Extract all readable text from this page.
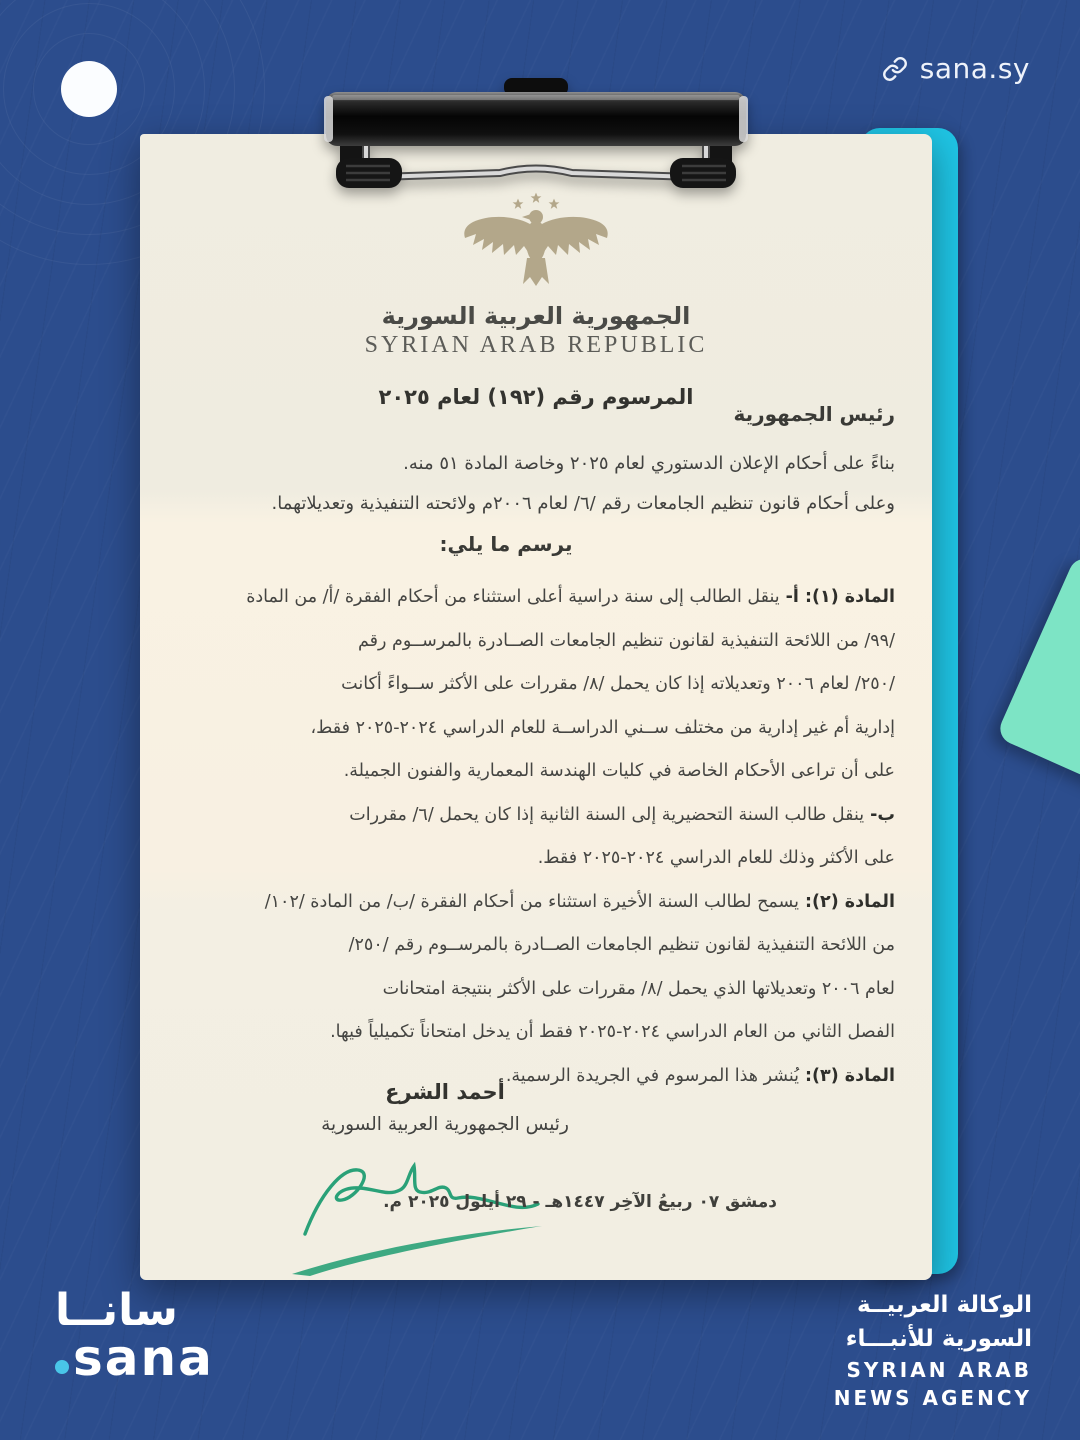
sana.sy
الجمهورية العربية السورية
SYRIAN ARAB REPUBLIC
المرسوم رقم (١٩٢) لعام ٢٠٢٥
رئيس الجمهورية
بناءً على أحكام الإعلان الدستوري لعام ٢٠٢٥ وخاصة المادة ٥١ منه.
وعلى أحكام قانون تنظيم الجامعات رقم /٦/ لعام ٢٠٠٦م ولائحته التنفيذية وتعديلاتهما.
يرسم ما يلي:
المادة (١): أ-ينقل الطالب إلى سنة دراسية أعلى استثناء من أحكام الفقرة /أ/ من المادة
/٩٩/ من اللائحة التنفيذية لقانون تنظيم الجامعات الصــادرة بالمرســوم رقم
/٢٥٠/ لعام ٢٠٠٦ وتعديلاته إذا كان يحمل /٨/ مقررات على الأكثر ســواءً أكانت
إدارية أم غير إدارية من مختلف ســني الدراســة للعام الدراسي ٢٠٢٤-٢٠٢٥ فقط،
على أن تراعى الأحكام الخاصة في كليات الهندسة المعمارية والفنون الجميلة.
ب-ينقل طالب السنة التحضيرية إلى السنة الثانية إذا كان يحمل /٦/ مقررات
على الأكثر وذلك للعام الدراسي ٢٠٢٤-٢٠٢٥ فقط.
المادة (٢):يسمح لطالب السنة الأخيرة استثناء من أحكام الفقرة /ب/ من المادة /١٠٢/
من اللائحة التنفيذية لقانون تنظيم الجامعات الصــادرة بالمرســوم رقم /٢٥٠/
لعام ٢٠٠٦ وتعديلاتها الذي يحمل /٨/ مقررات على الأكثر بنتيجة امتحانات
الفصل الثاني من العام الدراسي ٢٠٢٤-٢٠٢٥ فقط أن يدخل امتحاناً تكميلياً فيها.
المادة (٣):يُنشر هذا المرسوم في الجريدة الرسمية.
أحمد الشرع
رئيس الجمهورية العربية السورية
دمشق ٠٧ ربيعُ الآخِر ١٤٤٧هـ - ٢٩ أيلول ٢٠٢٥ م.
سانــا
sana
الوكالة العربيــة
السورية للأنبـــاء
SYRIAN ARAB
NEWS AGENCY
